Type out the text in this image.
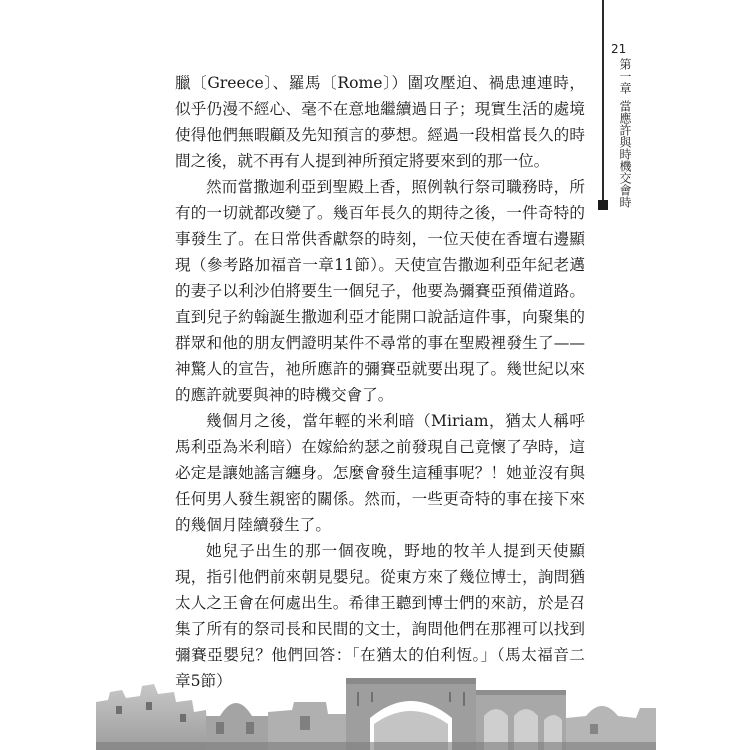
21
第一章
當應許與時機交會時

臘〔Greece〕、羅馬〔Rome〕）圍攻壓迫、禍患連連時，似乎仍漫不經心、毫不在意地繼續過日子；現實生活的處境使得他們無暇顧及先知預言的夢想。經過一段相當長久的時間之後，就不再有人提到神所預定將要來到的那一位。

然而當撒迦利亞到聖殿上香，照例執行祭司職務時，所有的一切就都改變了。幾百年長久的期待之後，一件奇特的事發生了。在日常供香獻祭的時刻，一位天使在香壇右邊顯現（參考路加福音一章11節）。天使宣告撒迦利亞年紀老邁的妻子以利沙伯將要生一個兒子，他要為彌賽亞預備道路。直到兒子約翰誕生撒迦利亞才能開口說話這件事，向聚集的群眾和他的朋友們證明某件不尋常的事在聖殿裡發生了——神驚人的宣告，祂所應許的彌賽亞就要出現了。幾世紀以來的應許就要與神的時機交會了。

幾個月之後，當年輕的米利暗（Miriam，猶太人稱呼馬利亞為米利暗）在嫁給約瑟之前發現自己竟懷了孕時，這必定是讓她謠言纏身。怎麼會發生這種事呢？！她並沒有與任何男人發生親密的關係。然而，一些更奇特的事在接下來的幾個月陸續發生了。

她兒子出生的那一個夜晚，野地的牧羊人提到天使顯現，指引他們前來朝見嬰兒。從東方來了幾位博士，詢問猶太人之王會在何處出生。希律王聽到博士們的來訪，於是召集了所有的祭司長和民間的文士，詢問他們在那裡可以找到彌賽亞嬰兒？他們回答：「在猶太的伯利恆。」（馬太福音二章5節）
